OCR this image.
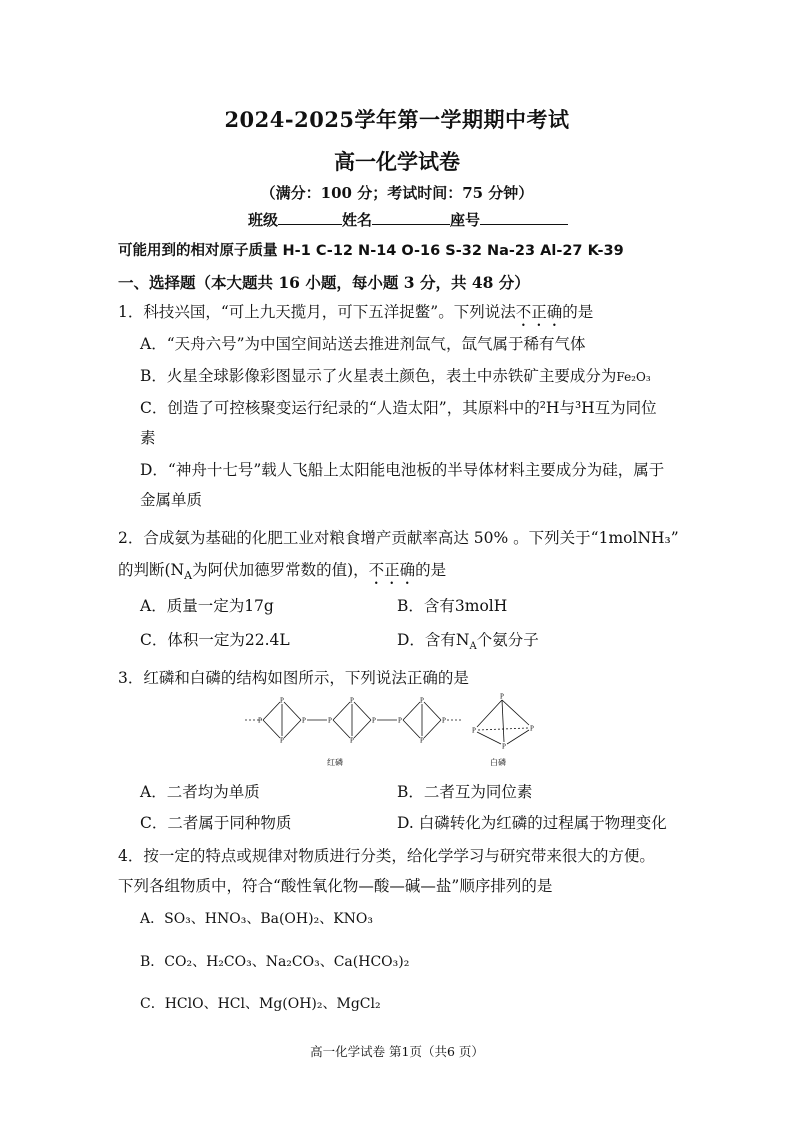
2024-2025学年第一学期期中考试
高一化学试卷
（满分：100 分；考试时间：75 分钟）
班级	姓名	座号
可能用到的相对原子质量 H-1 C-12 N-14 O-16 S-32 Na-23 Al-27 K-39
一、选择题（本大题共 16 小题，每小题 3 分，共 48 分）
1．科技兴国，“可上九天揽月，可下五洋捉鳖”。下列说法不正确的是
A．“天舟六号”为中国空间站送去推进剂氙气，氙气属于稀有气体
B．火星全球影像彩图显示了火星表土颜色，表土中赤铁矿主要成分为Fe₂O₃
C．创造了可控核聚变运行纪录的“人造太阳”，其原料中的²H与³H互为同位
素
D．“神舟十七号”载人飞船上太阳能电池板的半导体材料主要成分为硅，属于
金属单质
2．合成氨为基础的化肥工业对粮食增产贡献率高达 50% 。下列关于“1molNH₃”
的判断($N_A$为阿伏加德罗常数的值)，不正确的是
A．质量一定为17g	B．含有3molH
C．体积一定为22.4L	D．含有$N_A$个氨分子
3．红磷和白磷的结构如图所示，下列说法正确的是
P
P
P
P	P
P
P
P	P
P
P
P
P
P	P
P
红磷	白磷
A．二者均为单质	B．二者互为同位素
C．二者属于同种物质	D. 白磷转化为红磷的过程属于物理变化
4．按一定的特点或规律对物质进行分类，给化学学习与研究带来很大的方便。
下列各组物质中，符合“酸性氧化物—酸—碱—盐”顺序排列的是
A．SO₃、HNO₃、Ba(OH)₂、KNO₃
B．CO₂、H₂CO₃、Na₂CO₃、Ca(HCO₃)₂
C．HClO、HCl、Mg(OH)₂、MgCl₂
高一化学试卷 第1页（共6 页）
